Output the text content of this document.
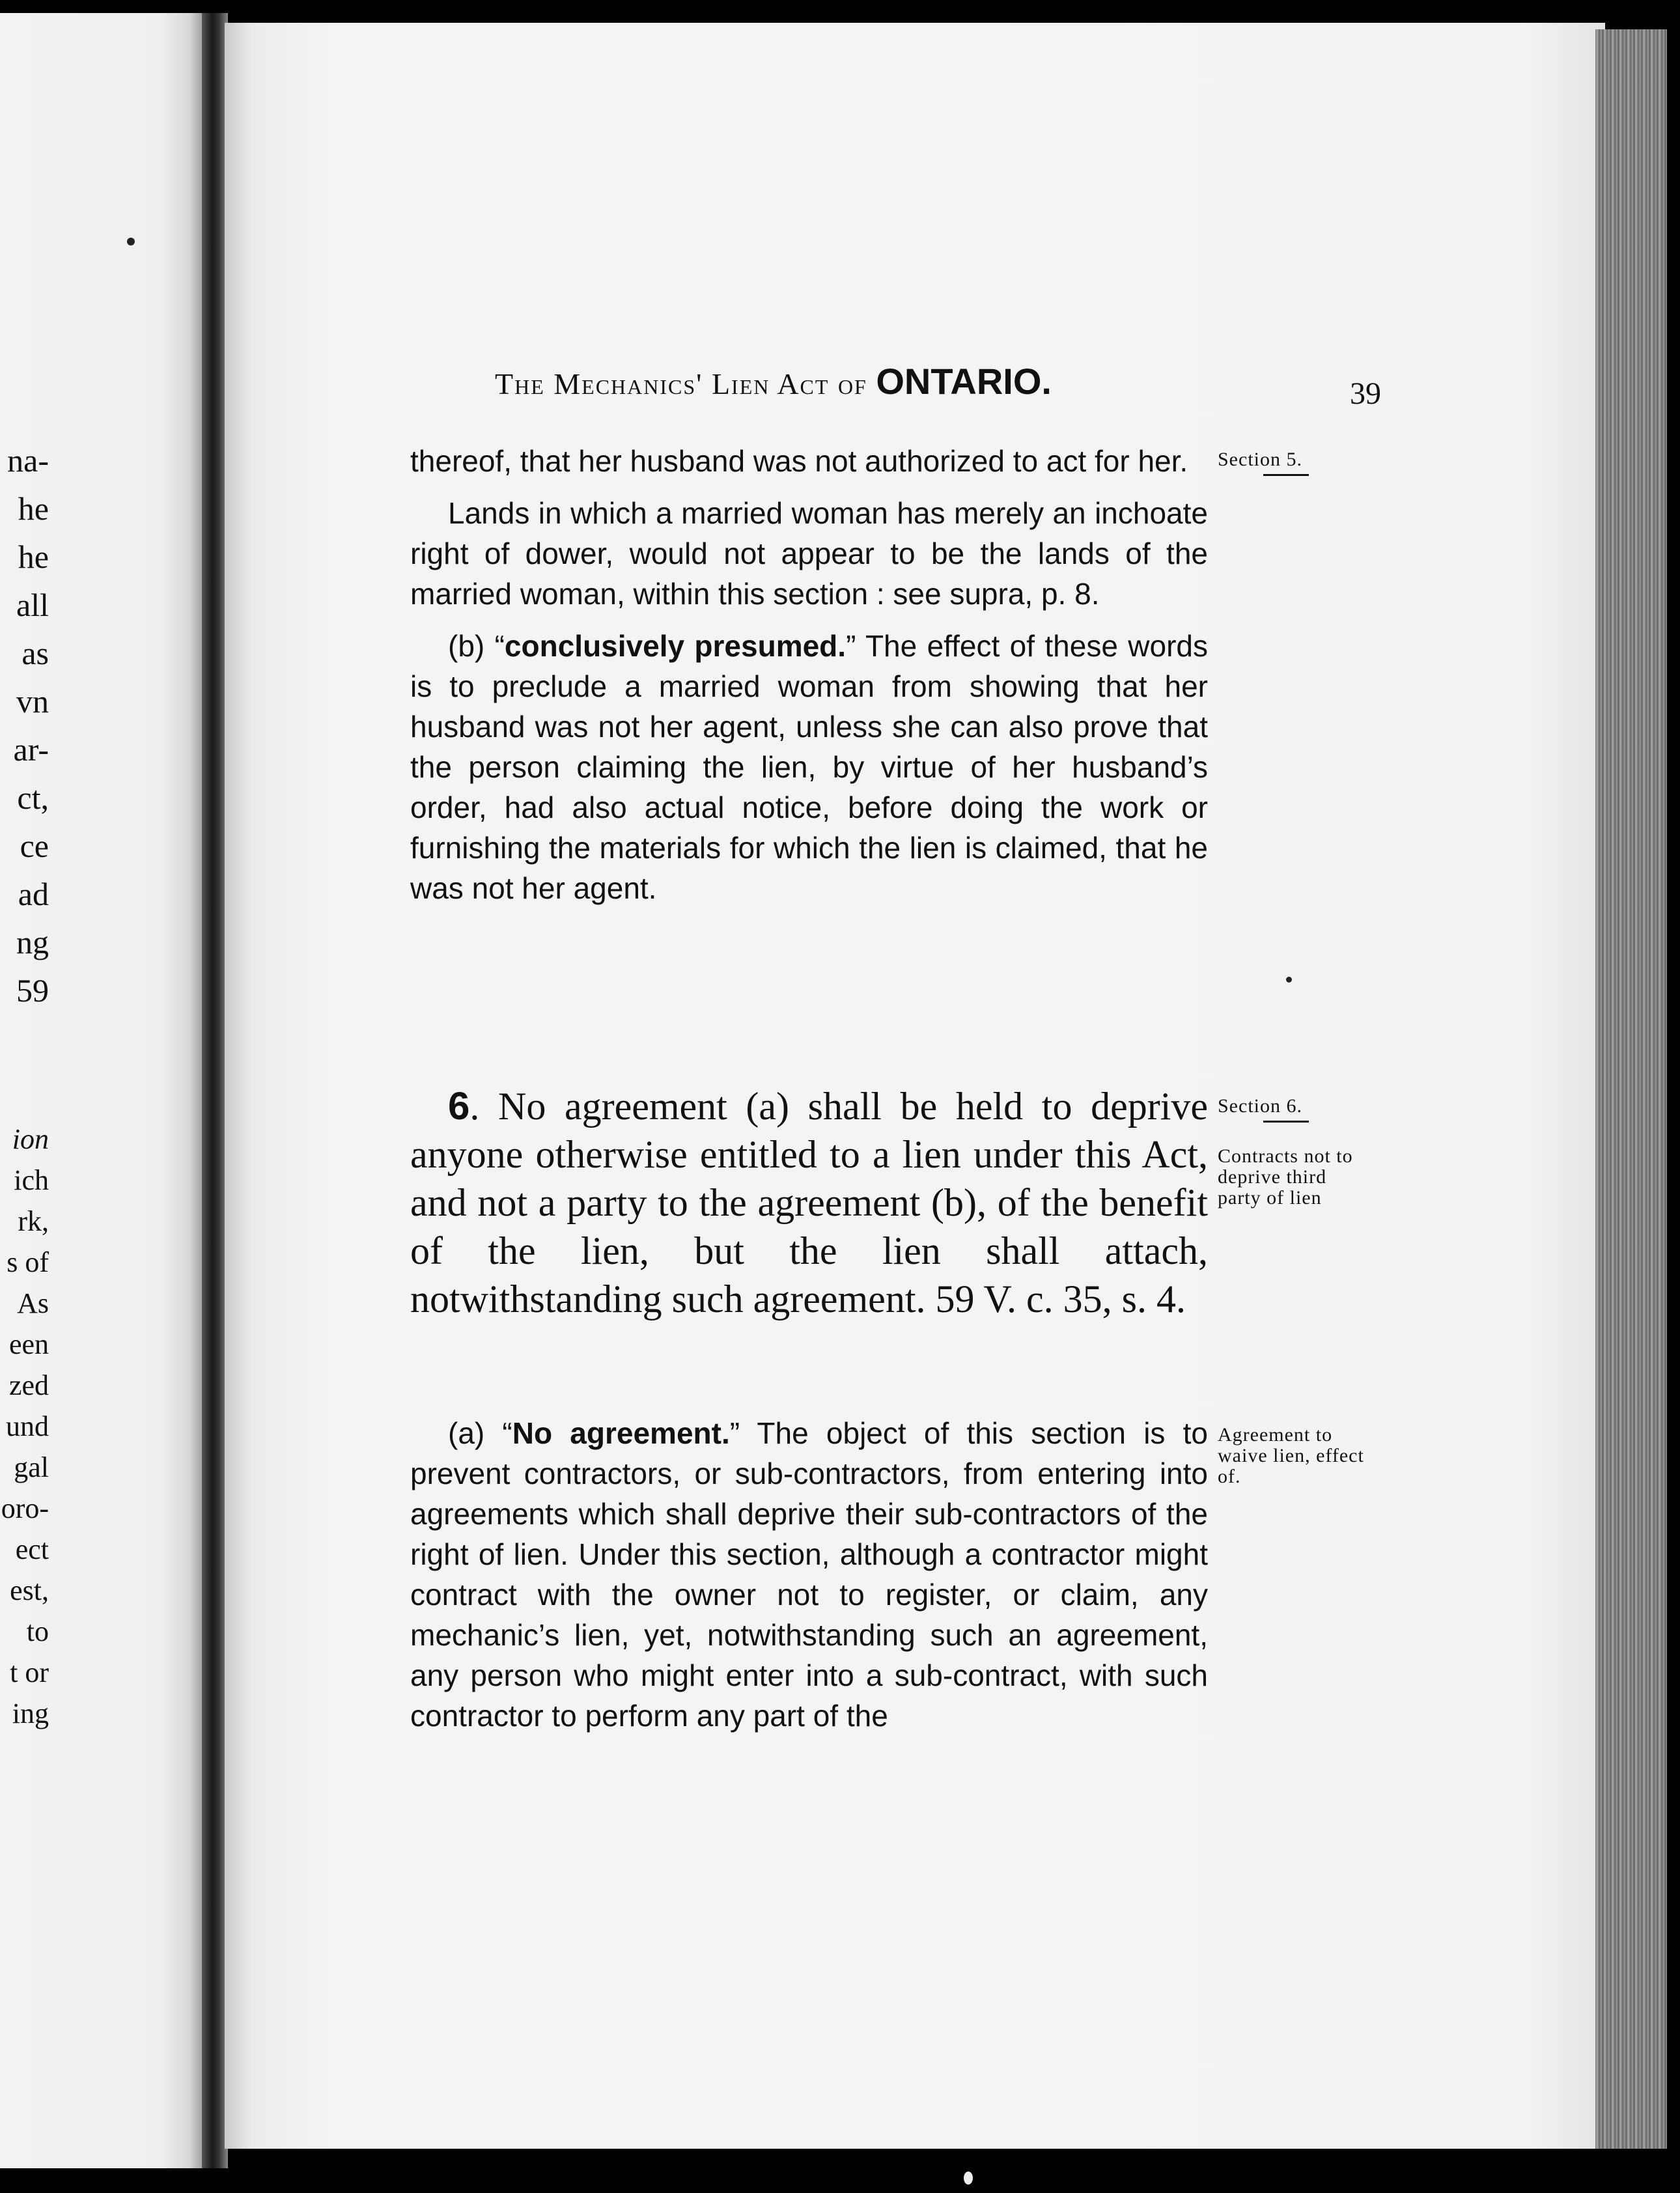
na-
he
he
all
as
vn
ar-
ct,
ce
ad
ng
59
ion
ich
rk,
s of
As
een
zed
und
gal
oro-
ect
est,
to
t or
ing
The Mechanics' Lien Act of ONTARIO.	39
Section 5.
Section 6.
Contracts not to deprive third party of lien
Agreement to waive lien, effect of.

thereof, that her husband was not authorized to act for her.

Lands in which a married woman has merely an inchoate right of dower, would not appear to be the lands of the married woman, within this section : see supra, p. 8.

(b) “conclusively presumed.” The effect of these words is to preclude a married woman from showing that her husband was not her agent, unless she can also prove that the person claiming the lien, by virtue of her husband’s order, had also actual notice, before doing the work or furnishing the materials for which the lien is claimed, that he was not her agent.

6. No agreement (a) shall be held to deprive anyone otherwise entitled to a lien under this Act, and not a party to the agreement (b), of the benefit of the lien, but the lien shall attach, notwithstanding such agreement. 59 V. c. 35, s. 4.

(a) “No agreement.” The object of this section is to prevent contractors, or sub-contractors, from entering into agreements which shall deprive their sub-contractors of the right of lien. Under this section, although a contractor might contract with the owner not to register, or claim, any mechanic’s lien, yet, notwithstanding such an agreement, any person who might enter into a sub-contract, with such contractor to perform any part of the
